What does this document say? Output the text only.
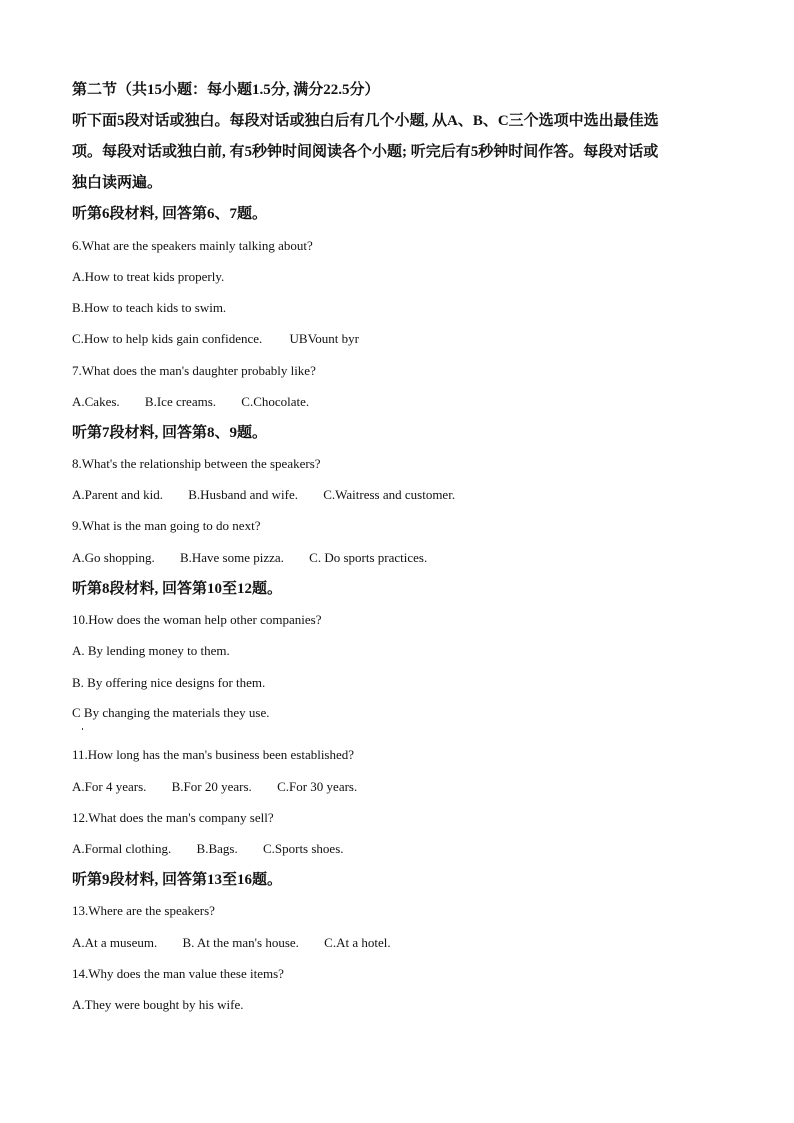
第二节（共15小题：每小题1.5分, 满分22.5分）
听下面5段对话或独白。每段对话或独白后有几个小题, 从A、B、C三个选项中选出最佳选
项。每段对话或独白前, 有5秒钟时间阅读各个小题; 听完后有5秒钟时间作答。每段对话或
独白读两遍。
听第6段材料, 回答第6、7题。
6.What are the speakers mainly talking about?
A.How to treat kids properly.
B.How to teach kids to swim.
C.How to help kids gain confidence. UBVount byr
7.What does the man's daughter probably like?
A.Cakes. B.Ice creams. C.Chocolate.
听第7段材料, 回答第8、9题。
8.What's the relationship between the speakers?
A.Parent and kid. B.Husband and wife. C.Waitress and customer.
9.What is the man going to do next?
A.Go shopping. B.Have some pizza. C. Do sports practices.
听第8段材料, 回答第10至12题。
10.How does the woman help other companies?
A. By lending money to them.
B. By offering nice designs for them.
C By changing the materials they use.
11.How long has the man's business been established?
A.For 4 years. B.For 20 years. C.For 30 years.
12.What does the man's company sell?
A.Formal clothing. B.Bags. C.Sports shoes.
听第9段材料, 回答第13至16题。
13.Where are the speakers?
A.At a museum. B. At the man's house. C.At a hotel.
14.Why does the man value these items?
A.They were bought by his wife.
